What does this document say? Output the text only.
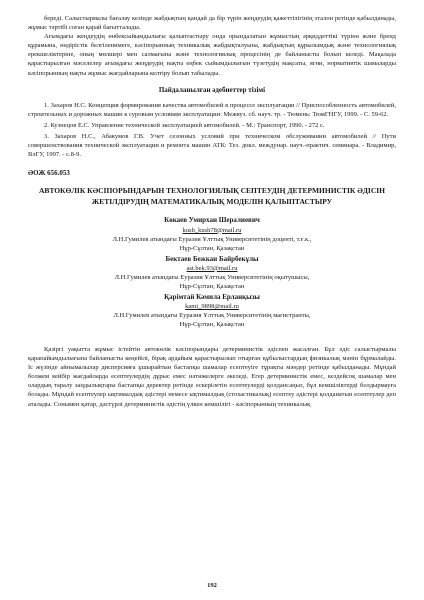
береді. Салыстырмалы бағалау кезінде жабдықтың қандай да бір түрін жеңдеудің қажеттілігінің эталон ретінде қабылданады, жұмыс тәртібі соған қарай бағытталады.

Ағымдағы жеңдеудің өнбексыйымдылығы қалыптастыру онда орындалатын жұмыстың әрқиддеттікі түрінө және бренд құрамына, өндірістік белгіленимеге, кәсіпорынның техникалық жабдықталуына, жабдықтың құрылымдық және технологиялық ерекшеліктеріне, оның мөлшері мен салмағына және технологиялық процесінің де байланысты болып келеді. Мақалада қарастырылған мәселелер ағымдағы жеңдеудің нақты еңбек сыйымдылығын түзетудің мақсаты, ягни, нормативтік шамаларды кәсіпорынның нақты жұмыс жағдайларына келтіру болып табылады.

Пайдаланылған әдебиеттер тізімі

1. Захаров Н.С. Концепция формирования качества автомобилей в процессе эксплуатации // Приспособленность автомобилей, строительных и дорожных машин к суровым условиям эксплуатации: Межвуз. сб. науч. тр. - Тюмень: ТюмГНГУ, 1999. - С. 59-62.

2. Кузнецов Е.С. Управление технической эксплуатацией автомобилей. - М.: Транспорт, 1990. - 272 с.

3. Захаров Н.С., Абакумов Г.В. Учет сезонных условий при техническом обслуживании автомобилей // Пути совершенствования технической эксплуатации и ремонта машин АТК: Тез. докл. междунар. науч.-практич. семинара. - Владимир, ВлГУ, 1997. - с.8-9.

ӘОЖ 656.053

АВТОКӨЛІК КӘСІПОРЫНДАРЫН ТЕХНОЛОГИЯЛЫҚ СЕПТЕУДІҢ ДЕТЕРМИНИСТІК ӘДІСІН ЖЕТІЛДІРУДІҢ МАТЕМАТИКАЛЫҚ МОДЕЛІН ҚАЛЫПТАСТЫРУ

Көкаев Умирхан Шералиевич

kush_kush78@mail.ru

Л.Н.Гумилев атындағы Еуразия Ұлттық Университетінің доценті, т.ғ.к.,

Нұр-Сұлтан, Қазақстан

Бектаев Бежкан Байрбекұлы

ast.bek.93@mail.ru

Л.Н.Гумилев атындағы Еуразия Ұлттық Университетінің оқытушысы,

Нұр-Сұлтан, Қазақстан

Қарімтай Кәмила Ерланқызы

kami_9898@mail.ru

Л.Н.Гумилев атындағы Еуразия Ұлттық Университетінің магистранты,

Нұр-Сұлтан, Қазақстан

Қазіргі уақытта жұмыс істейтін автокөлік кәсіпорындары детерминистік әдіспен жасалған. Бұл әдіс салыстырмалы қарапайымдылығына байланысты кеңейілі, бірақ ардайым қарастырылып отырған құбылыстардың физикалық мәнін бұрмалайды. Іс жүзінде айнымалылар дисперсияға ұшырайтын бастапқы шамалар есептеуіге тұрақты мәндер ретінде қабылданады. Мұндай болжем кейбір жағдайларда есептеулердің дұрыс емес нәтижелерге әкеледі. Егер детерминистік емес, кездейсоқ шамалар мен олардың таралу заңдылықтары бастапқы деректер ретінде ескерілетін есептеулерді қолдансаңыз, бұл кемшіліктерді болдырмауға болады. Мұндай есептеулер ықтималдық әдістері немесе ықтималдық (стохастикалық) есептеу әдістері қолданатын есептеулер деп аталады. Сонымен қатар, дәстүрлі детерминистік әдістің үлкен кемшілігі - кәсіпорынның техникалық

192
